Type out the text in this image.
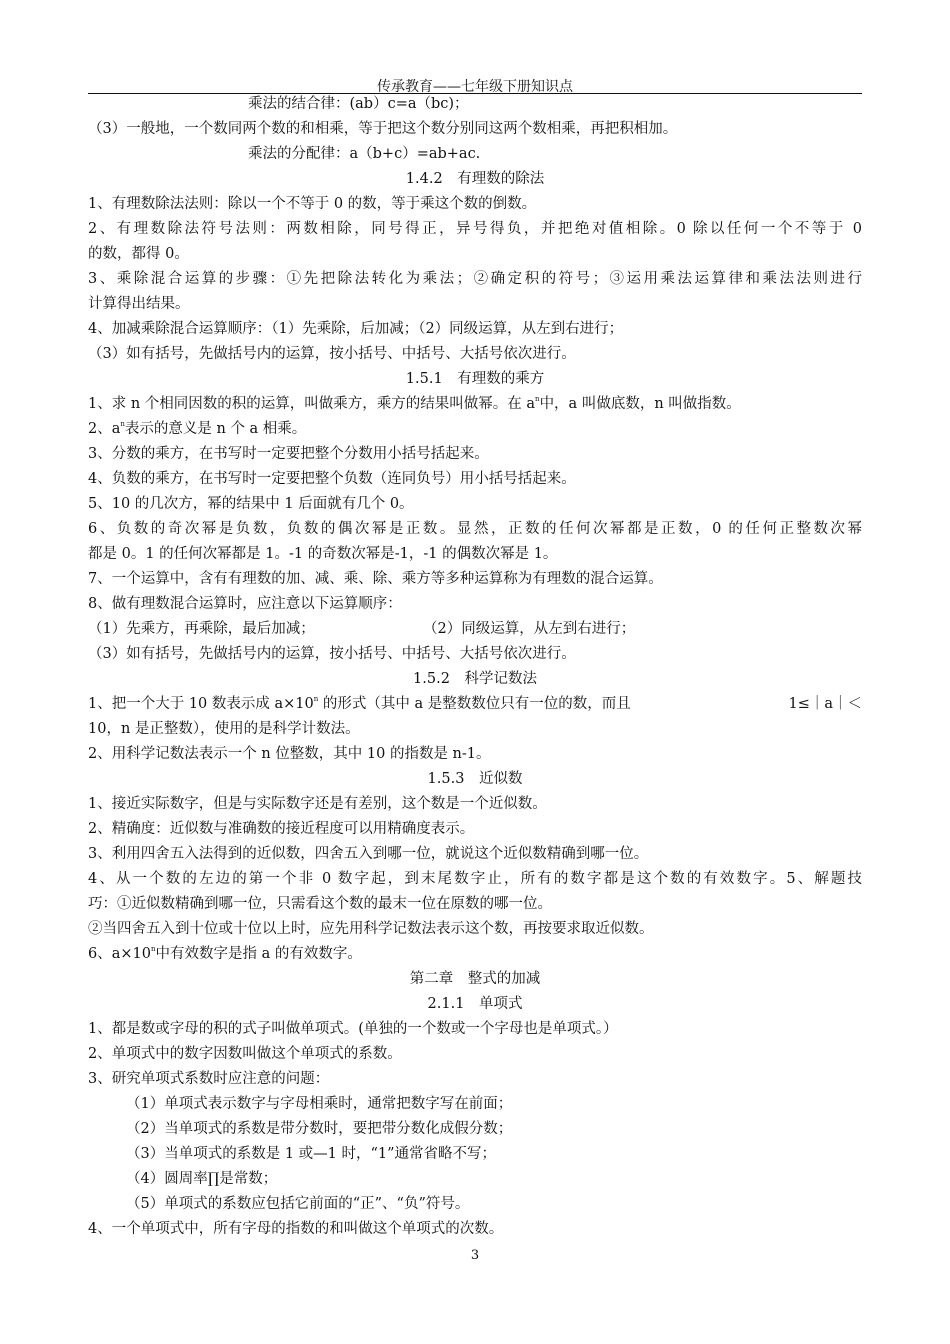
传承教育——七年级下册知识点
乘法的结合律：(ab）c=a（bc)；
（3）一般地，一个数同两个数的和相乘，等于把这个数分别同这两个数相乘，再把积相加。
乘法的分配律：a（b+c）=ab+ac.
1.4.2　有理数的除法
1、有理数除法法则：除以一个不等于 0 的数，等于乘这个数的倒数。
2、有理数除法符号法则：两数相除，同号得正，异号得负，并把绝对值相除。0 除以任何一个不等于 0
的数，都得 0。
3、乘除混合运算的步骤：①先把除法转化为乘法；②确定积的符号；③运用乘法运算律和乘法法则进行
计算得出结果。
4、加减乘除混合运算顺序：（1）先乘除，后加减；（2）同级运算，从左到右进行；
（3）如有括号，先做括号内的运算，按小括号、中括号、大括号依次进行。
1.5.1　有理数的乘方
1、求 n 个相同因数的积的运算，叫做乘方，乘方的结果叫做幂。在 $a^n$中，a 叫做底数，n 叫做指数。
2、$a^n$表示的意义是 n 个 a 相乘。
3、分数的乘方，在书写时一定要把整个分数用小括号括起来。
4、负数的乘方，在书写时一定要把整个负数（连同负号）用小括号括起来。
5、10 的几次方，幂的结果中 1 后面就有几个 0。
6、负数的奇次幂是负数，负数的偶次幂是正数。显然，正数的任何次幂都是正数，0 的任何正整数次幂
都是 0。1 的任何次幂都是 1。-1 的奇数次幂是-1，-1 的偶数次幂是 1。
7、一个运算中，含有有理数的加、减、乘、除、乘方等多种运算称为有理数的混合运算。
8、做有理数混合运算时，应注意以下运算顺序：
（1）先乘方，再乘除，最后加减；	（2）同级运算，从左到右进行；
（3）如有括号，先做括号内的运算，按小括号、中括号、大括号依次进行。
1.5.2　科学记数法
1、把一个大于 10 数表示成 $a\times 10^n$ 的形式（其中 a 是整数数位只有一位的数，而且	1≤｜a｜＜
10，n 是正整数），使用的是科学计数法。
2、用科学记数法表示一个 n 位整数，其中 10 的指数是 n-1。
1.5.3　近似数
1、接近实际数字，但是与实际数字还是有差别，这个数是一个近似数。
2、精确度：近似数与准确数的接近程度可以用精确度表示。
3、利用四舍五入法得到的近似数，四舍五入到哪一位，就说这个近似数精确到哪一位。
4、从一个数的左边的第一个非 0 数字起，到末尾数字止，所有的数字都是这个数的有效数字。5、解题技
巧：①近似数精确到哪一位，只需看这个数的最末一位在原数的哪一位。
②当四舍五入到十位或十位以上时，应先用科学记数法表示这个数，再按要求取近似数。
6、$a\times 10^n$中有效数字是指 a 的有效数字。
第二章　整式的加减
2.1.1　单项式
1、都是数或字母的积的式子叫做单项式。(单独的一个数或一个字母也是单项式。）
2、单项式中的数字因数叫做这个单项式的系数。
3、研究单项式系数时应注意的问题：
（1）单项式表示数字与字母相乘时，通常把数字写在前面；
（2）当单项式的系数是带分数时，要把带分数化成假分数；
（3）当单项式的系数是 1 或—1 时，“1”通常省略不写；
（4）圆周率∏是常数；
（5）单项式的系数应包括它前面的“正”、“负”符号。
4、一个单项式中，所有字母的指数的和叫做这个单项式的次数。
3
